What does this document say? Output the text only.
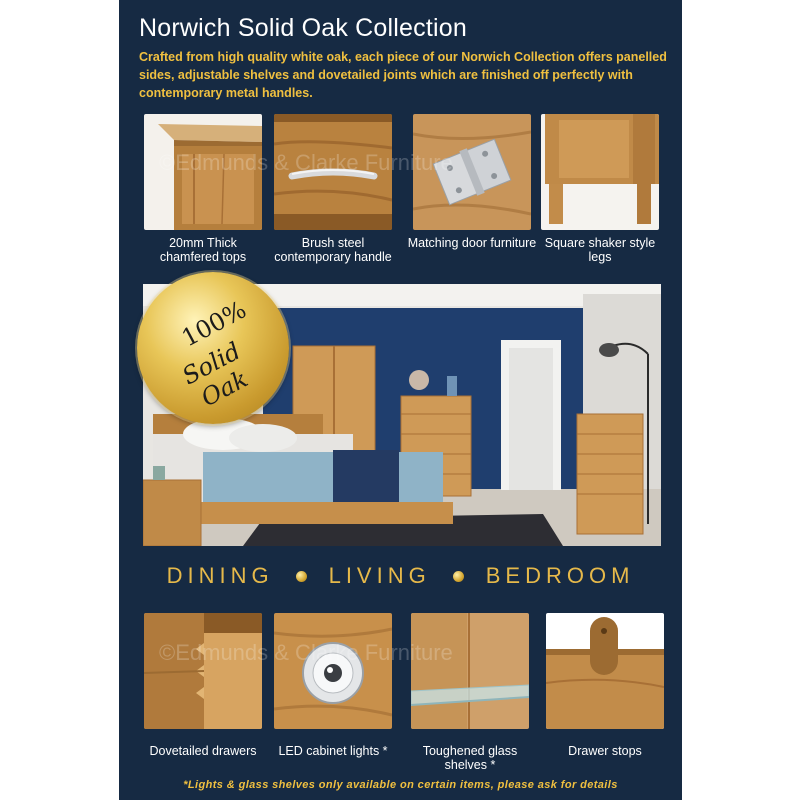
Norwich Solid Oak Collection

Crafted from high quality white oak, each piece of our Norwich Collection offers panelled sides, adjustable shelves and dovetailed joints which are finished off perfectly with contemporary metal handles.

20mm Thick chamfered tops
Brush steel contemporary handle
Matching door furniture Square shaker style legs
100%
Solid Oak
DINING	LIVING	BEDROOM
Dovetailed drawers	LED cabinet lights *	Toughened glass shelves *
Drawer stops

*Lights & glass shelves only available on certain items, please ask for details

©Edmunds & Clarke Furniture
©Edmunds & Clarke Furniture
